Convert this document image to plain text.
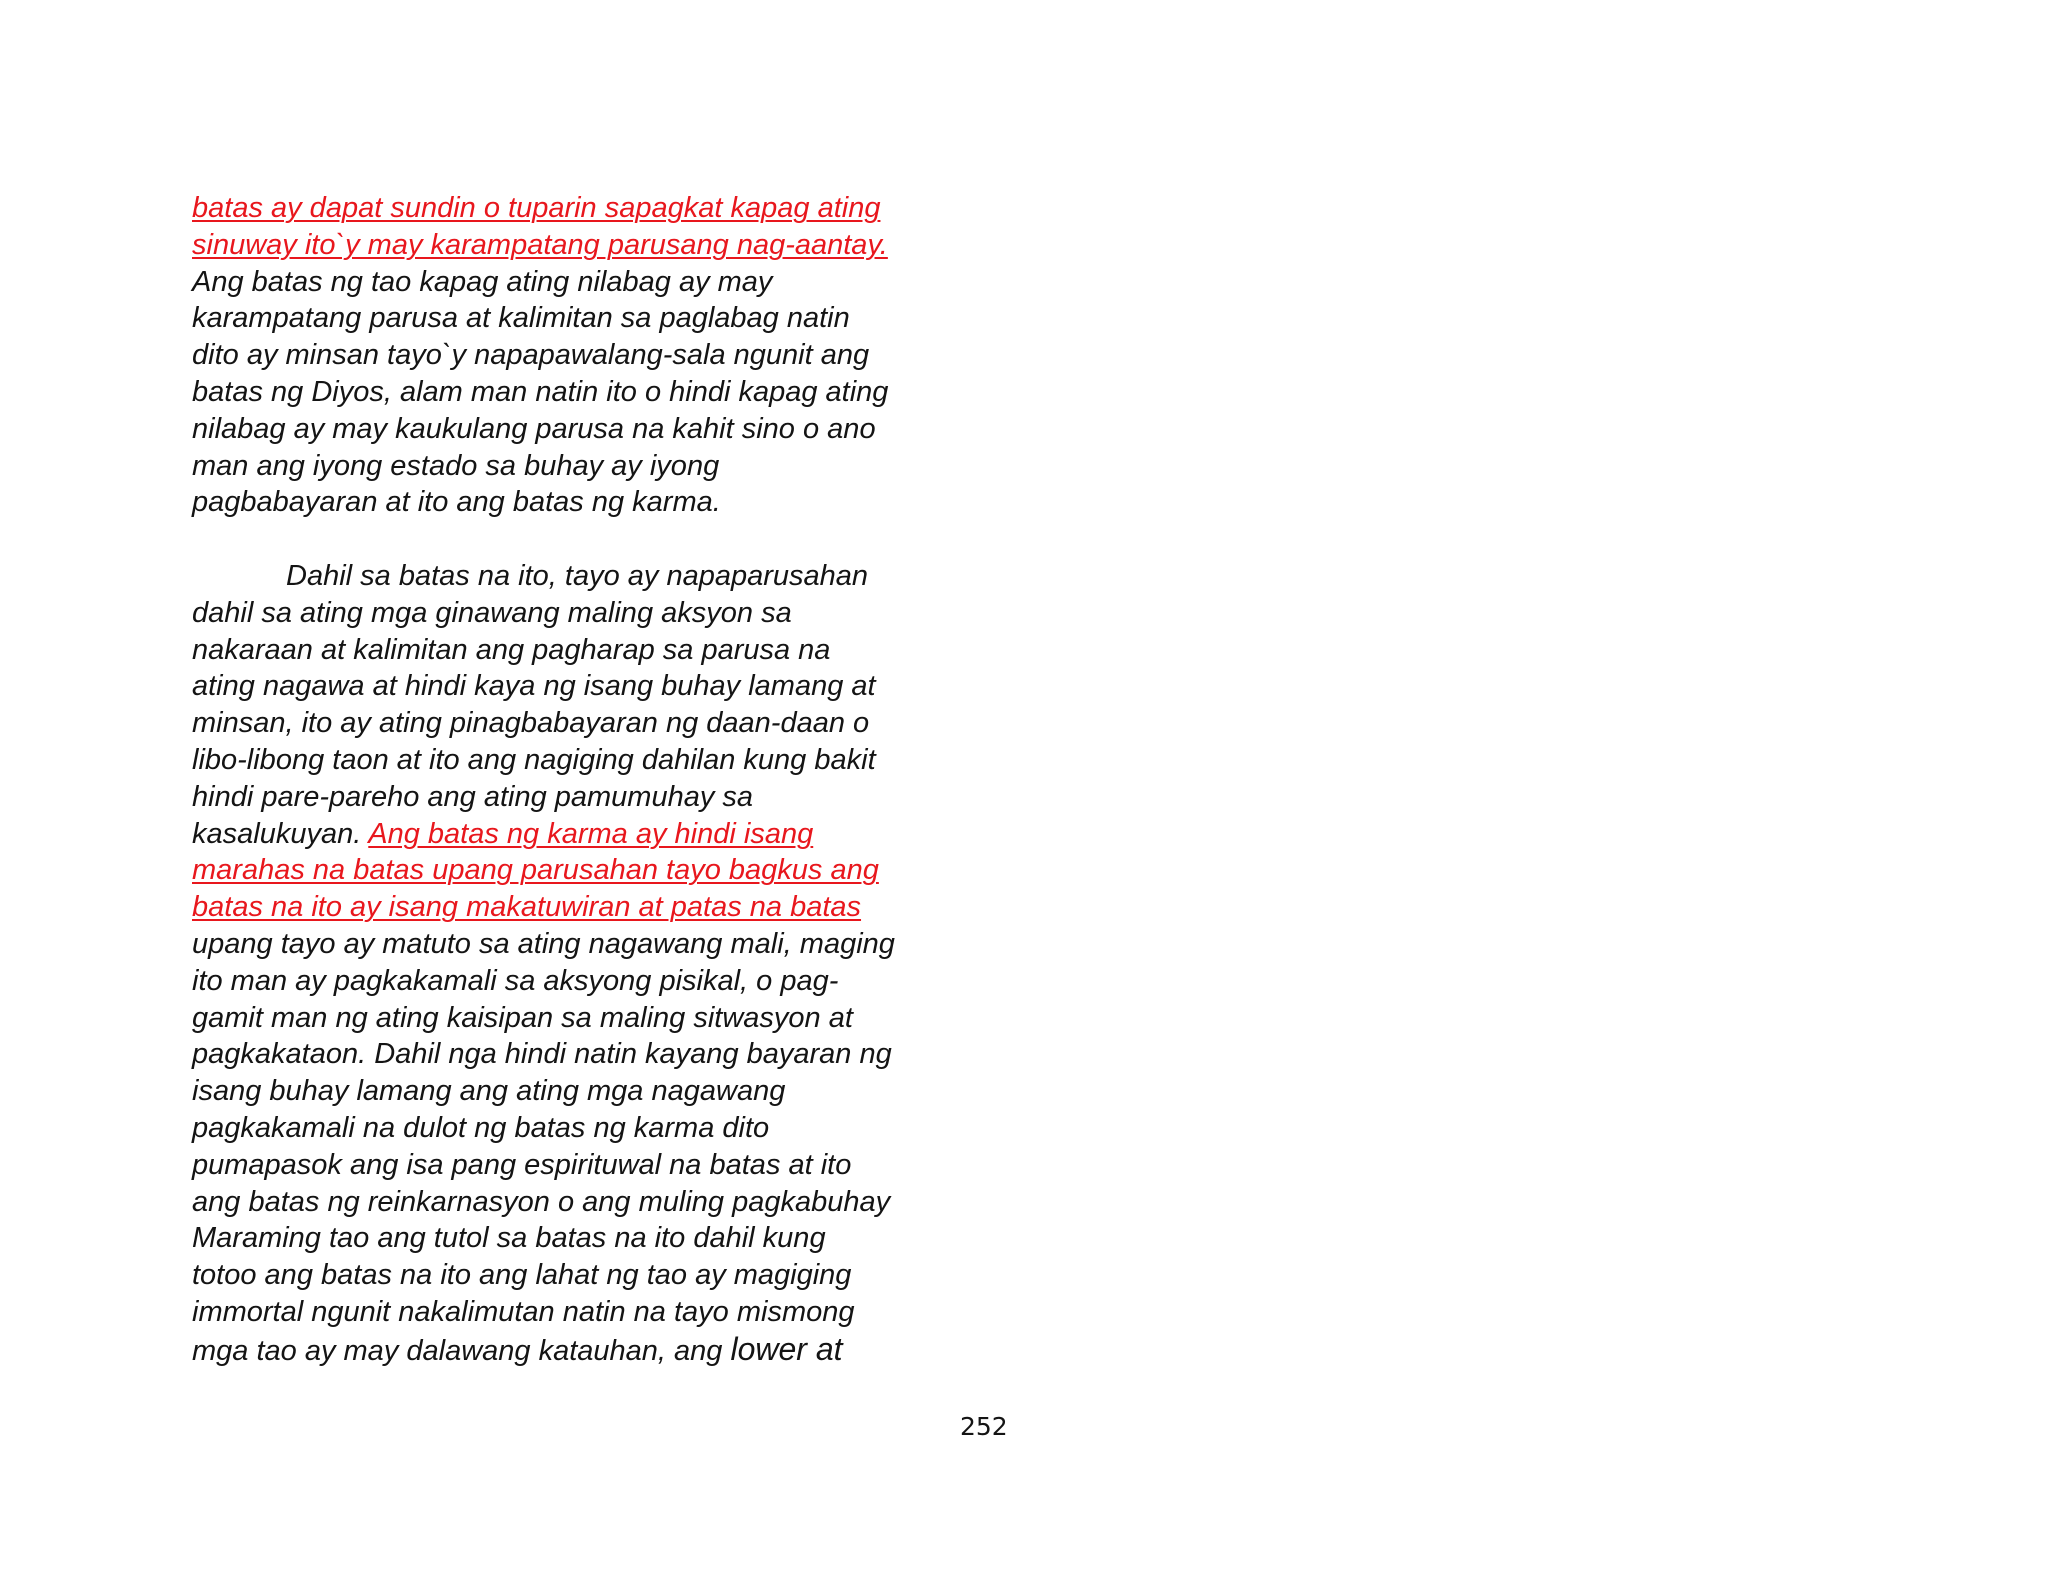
batas ay dapat sundin o tuparin sapagkat kapag ating
sinuway ito`y may karampatang parusang nag-aantay.
Ang batas ng tao kapag ating nilabag ay may
karampatang parusa at kalimitan sa paglabag natin
dito ay minsan tayo`y napapawalang-sala ngunit ang
batas ng Diyos, alam man natin ito o hindi kapag ating
nilabag ay may kaukulang parusa na kahit sino o ano
man ang iyong estado sa buhay ay iyong
pagbabayaran at ito ang batas ng karma.
Dahil sa batas na ito, tayo ay napaparusahan
dahil sa ating mga ginawang maling aksyon sa
nakaraan at kalimitan ang pagharap sa parusa na
ating nagawa at hindi kaya ng isang buhay lamang at
minsan, ito ay ating pinagbabayaran ng daan-daan o
libo-libong taon at ito ang nagiging dahilan kung bakit
hindi pare-pareho ang ating pamumuhay sa
kasalukuyan. Ang batas ng karma ay hindi isang
marahas na batas upang parusahan tayo bagkus ang
batas na ito ay isang makatuwiran at patas na batas
upang tayo ay matuto sa ating nagawang mali, maging
ito man ay pagkakamali sa aksyong pisikal, o pag-
gamit man ng ating kaisipan sa maling sitwasyon at
pagkakataon. Dahil nga hindi natin kayang bayaran ng
isang buhay lamang ang ating mga nagawang
pagkakamali na dulot ng batas ng karma dito
pumapasok ang isa pang espirituwal na batas at ito
ang batas ng reinkarnasyon o ang muling pagkabuhay
Maraming tao ang tutol sa batas na ito dahil kung
totoo ang batas na ito ang lahat ng tao ay magiging
immortal ngunit nakalimutan natin na tayo mismong
mga tao ay may dalawang katauhan, ang lower at
252
